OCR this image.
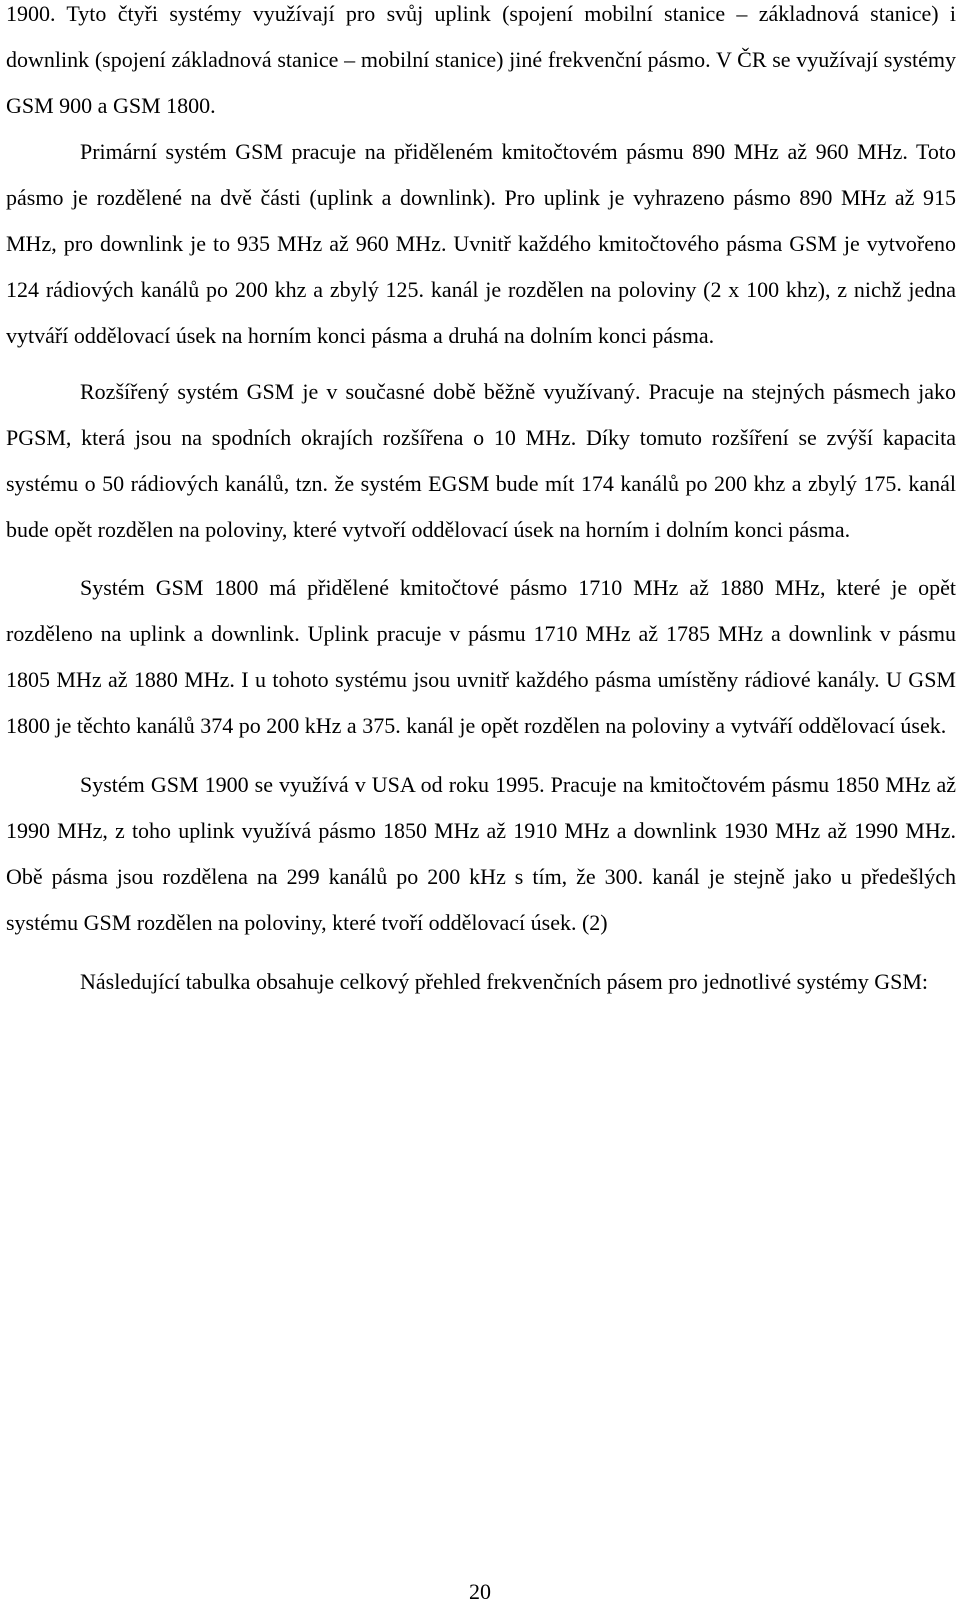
1900. Tyto čtyři systémy využívají pro svůj uplink (spojení mobilní stanice – základnová stanice) i downlink (spojení základnová stanice – mobilní stanice) jiné frekvenční pásmo. V ČR se využívají systémy GSM 900 a GSM 1800.

Primární systém GSM pracuje na přiděleném kmitočtovém pásmu 890 MHz až 960 MHz. Toto pásmo je rozdělené na dvě části (uplink a downlink). Pro uplink je vyhrazeno pásmo 890 MHz až 915 MHz, pro downlink je to 935 MHz až 960 MHz. Uvnitř každého kmitočtového pásma GSM je vytvořeno 124 rádiových kanálů po 200 khz a zbylý 125. kanál je rozdělen na poloviny (2 x 100 khz), z nichž jedna vytváří oddělovací úsek na horním konci pásma a druhá na dolním konci pásma.

Rozšířený systém GSM je v současné době běžně využívaný. Pracuje na stejných pásmech jako PGSM, která jsou na spodních okrajích rozšířena o 10 MHz. Díky tomuto rozšíření se zvýší kapacita systému o 50 rádiových kanálů, tzn. že systém EGSM bude mít 174 kanálů po 200 khz a zbylý 175. kanál bude opět rozdělen na poloviny, které vytvoří oddělovací úsek na horním i dolním konci pásma.

Systém GSM 1800 má přidělené kmitočtové pásmo 1710 MHz až 1880 MHz, které je opět rozděleno na uplink a downlink. Uplink pracuje v pásmu 1710 MHz až 1785 MHz a downlink v pásmu 1805 MHz až 1880 MHz. I u tohoto systému jsou uvnitř každého pásma umístěny rádiové kanály. U GSM 1800 je těchto kanálů 374 po 200 kHz a 375. kanál je opět rozdělen na poloviny a vytváří oddělovací úsek.

Systém GSM 1900 se využívá v USA od roku 1995. Pracuje na kmitočtovém pásmu 1850 MHz až 1990 MHz, z toho uplink využívá pásmo 1850 MHz až 1910 MHz a downlink 1930 MHz až 1990 MHz. Obě pásma jsou rozdělena na 299 kanálů po 200 kHz s tím, že 300. kanál je stejně jako u předešlých systému GSM rozdělen na poloviny, které tvoří oddělovací úsek. (2)

Následující tabulka obsahuje celkový přehled frekvenčních pásem pro jednotlivé systémy GSM:

20
